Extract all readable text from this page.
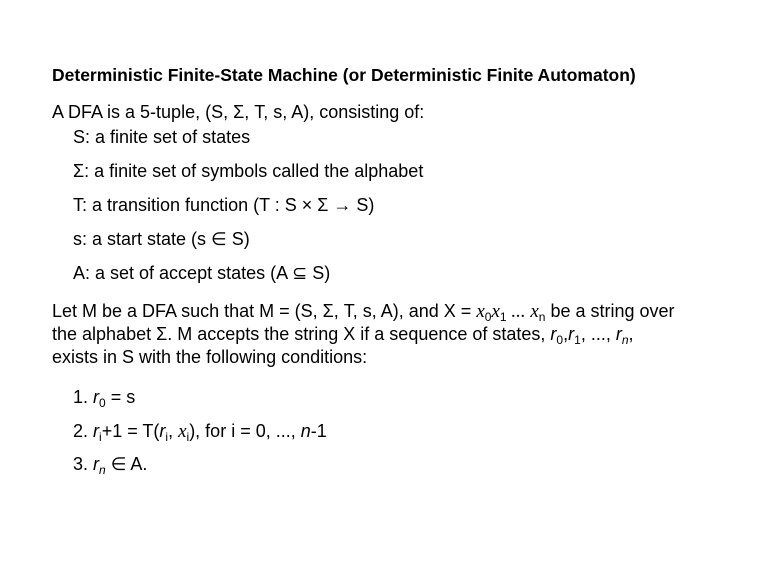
Deterministic Finite-State Machine (or Deterministic Finite Automaton)
A DFA is a 5-tuple, (S, Σ, T, s, A), consisting of:
S: a finite set of states
Σ: a finite set of symbols called the alphabet
T: a transition function (T : S × Σ → S)
s: a start state (s ∈ S)
A: a set of accept states (A ⊆ S)
Let M be a DFA such that M = (S, Σ, T, s, A), and $X = x_0x_1$ ... $x_n$ be a string over
the alphabet Σ. M accepts the string X if a sequence of states, $r_0,r_1$, ..., $r_n$,
exists in S with the following conditions:
1. $r_0 = s$
2. $r_i+1 = T(r_i$, $x_i$), for i = 0, ..., n-1
3. $r_n$ ∈ A.
